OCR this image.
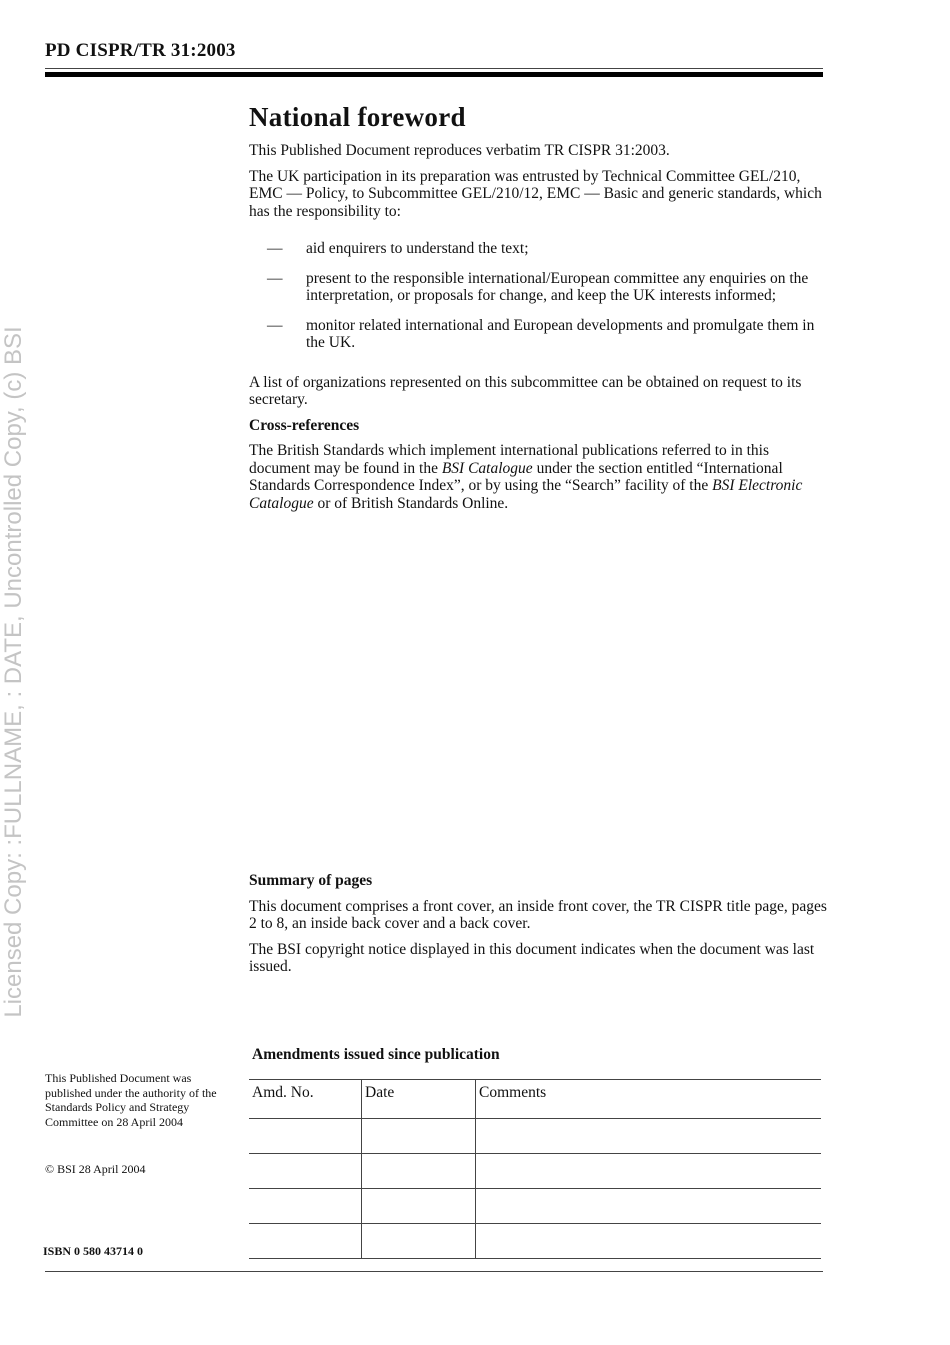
PD CISPR/TR 31:2003
Licensed Copy: :FULLNAME, : DATE, Uncontrolled Copy, (c) BSI
National foreword

This Published Document reproduces verbatim TR CISPR 31:2003.

The UK participation in its preparation was entrusted by Technical Committee GEL/210, EMC — Policy, to Subcommittee GEL/210/12, EMC — Basic and generic standards, which has the responsibility to:

— aid enquirers to understand the text;
— present to the responsible international/European committee any enquiries on the interpretation, or proposals for change, and keep the UK interests informed;
— monitor related international and European developments and promulgate them in the UK.

A list of organizations represented on this subcommittee can be obtained on request to its secretary.

Cross-references

The British Standards which implement international publications referred to in this document may be found in the BSI Catalogue under the section entitled “International Standards Correspondence Index”, or by using the “Search” facility of the BSI Electronic Catalogue or of British Standards Online.

Summary of pages

This document comprises a front cover, an inside front cover, the TR CISPR title page, pages 2 to 8, an inside back cover and a back cover.

The BSI copyright notice displayed in this document indicates when the document was last issued.

Amendments issued since publication
Amd. No.	Date	Comments

This Published Document was published under the authority of the Standards Policy and Strategy Committee on 28 April 2004
© BSI 28 April 2004
ISBN 0 580 43714 0
